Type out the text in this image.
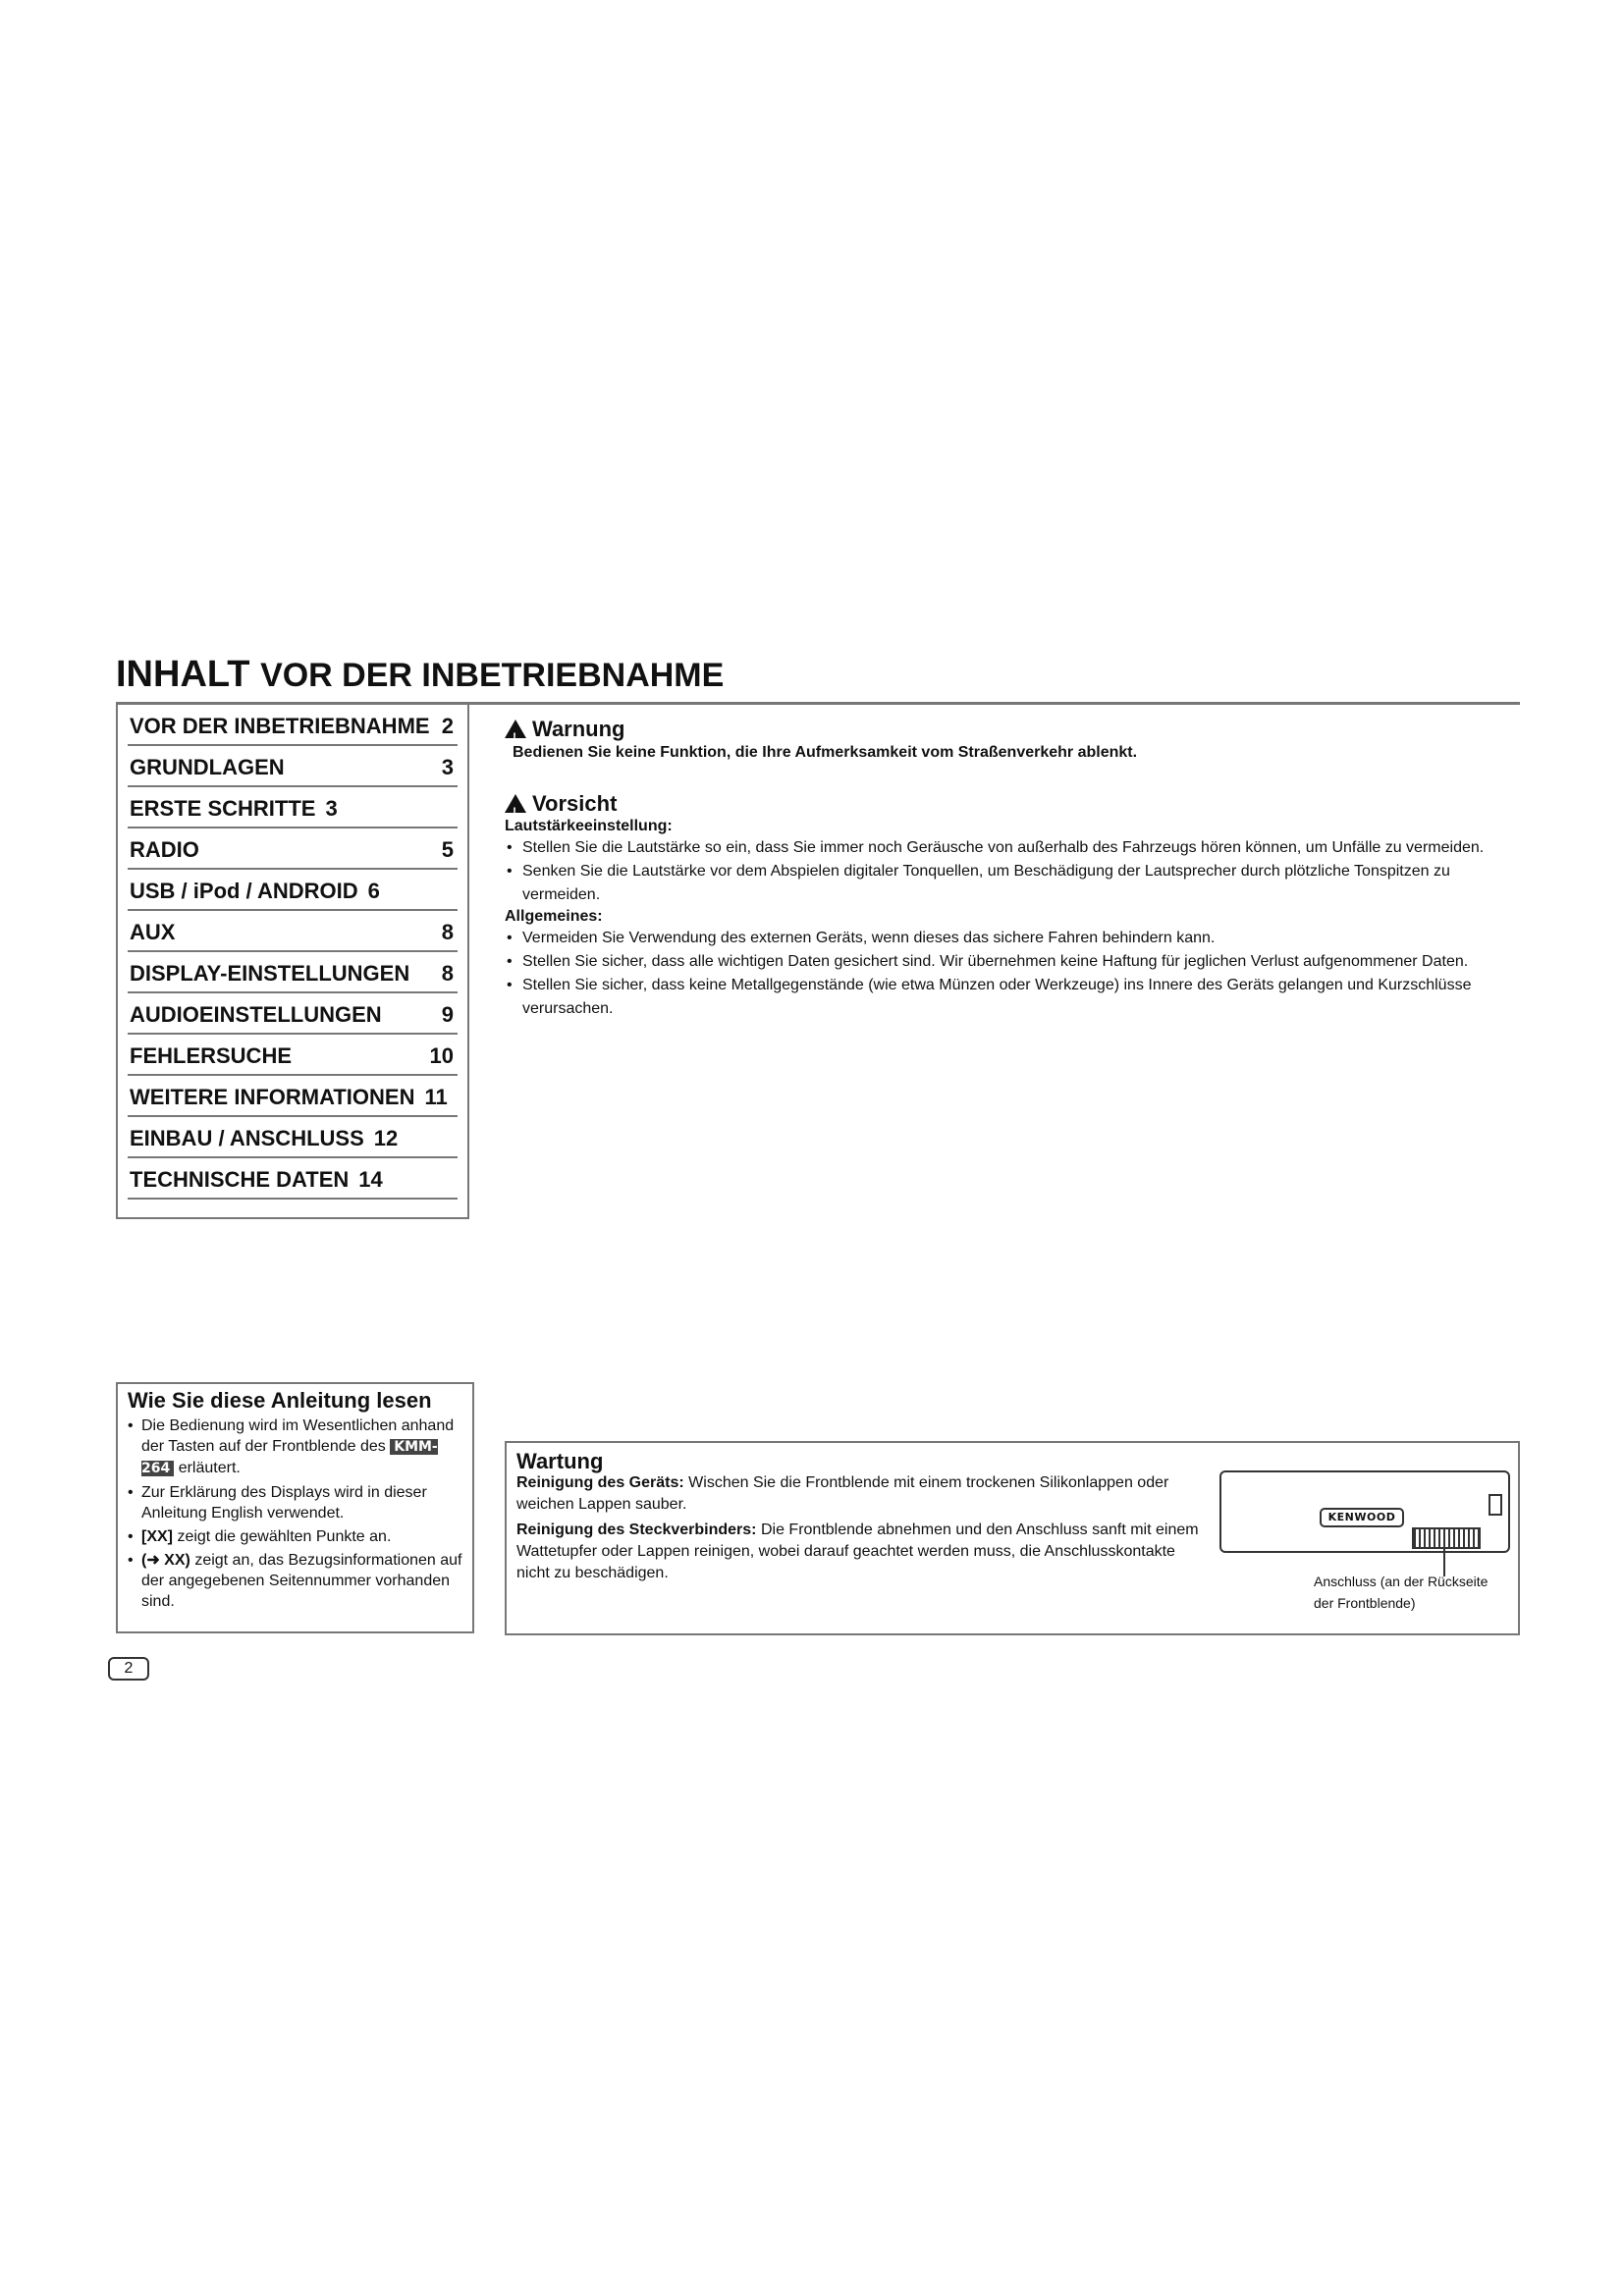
INHALT VOR DER INBETRIEBNAHME
VOR DER INBETRIEBNAHME 2
GRUNDLAGEN	3
ERSTE SCHRITTE 3
RADIO	5
USB / iPod / ANDROID 6
AUX	8
DISPLAY-EINSTELLUNGEN 8
AUDIOEINSTELLUNGEN	9
FEHLERSUCHE	10
WEITERE INFORMATIONEN 11
EINBAU / ANSCHLUSS 12
TECHNISCHE DATEN 14
!
Warnung

Bedienen Sie keine Funktion, die Ihre Aufmerksamkeit vom Straßenverkehr ablenkt.

!
Vorsicht
Lautstärkeeinstellung:
• Stellen Sie die Lautstärke so ein, dass Sie immer noch Geräusche von außerhalb des Fahrzeugs hören können, um Unfälle zu vermeiden.
• Senken Sie die Lautstärke vor dem Abspielen digitaler Tonquellen, um Beschädigung der Lautsprecher durch plötzliche Tonspitzen zu vermeiden.
Allgemeines:
• Vermeiden Sie Verwendung des externen Geräts, wenn dieses das sichere Fahren behindern kann.
• Stellen Sie sicher, dass alle wichtigen Daten gesichert sind. Wir übernehmen keine Haftung für jeglichen Verlust aufgenommener Daten.
• Stellen Sie sicher, dass keine Metallgegenstände (wie etwa Münzen oder Werkzeuge) ins Innere des Geräts gelangen und Kurzschlüsse verursachen.
Wie Sie diese Anleitung lesen
• Die Bedienung wird im Wesentlichen anhand der Tasten auf der Frontblende des KMM-264 erläutert.
• Zur Erklärung des Displays wird in dieser Anleitung English verwendet.
• [XX] zeigt die gewählten Punkte an.
• (➜ XX) zeigt an, das Bezugsinformationen auf der angegebenen Seitennummer vorhanden sind.
2
Wartung

Reinigung des Geräts: Wischen Sie die Frontblende mit einem trockenen Silikonlappen oder weichen Lappen sauber.

Reinigung des Steckverbinders: Die Frontblende abnehmen und den Anschluss sanft mit einem Wattetupfer oder Lappen reinigen, wobei darauf geachtet werden muss, die Anschlusskontakte nicht zu beschädigen.

KENWOOD
Anschluss (an der Rückseite der Frontblende)
